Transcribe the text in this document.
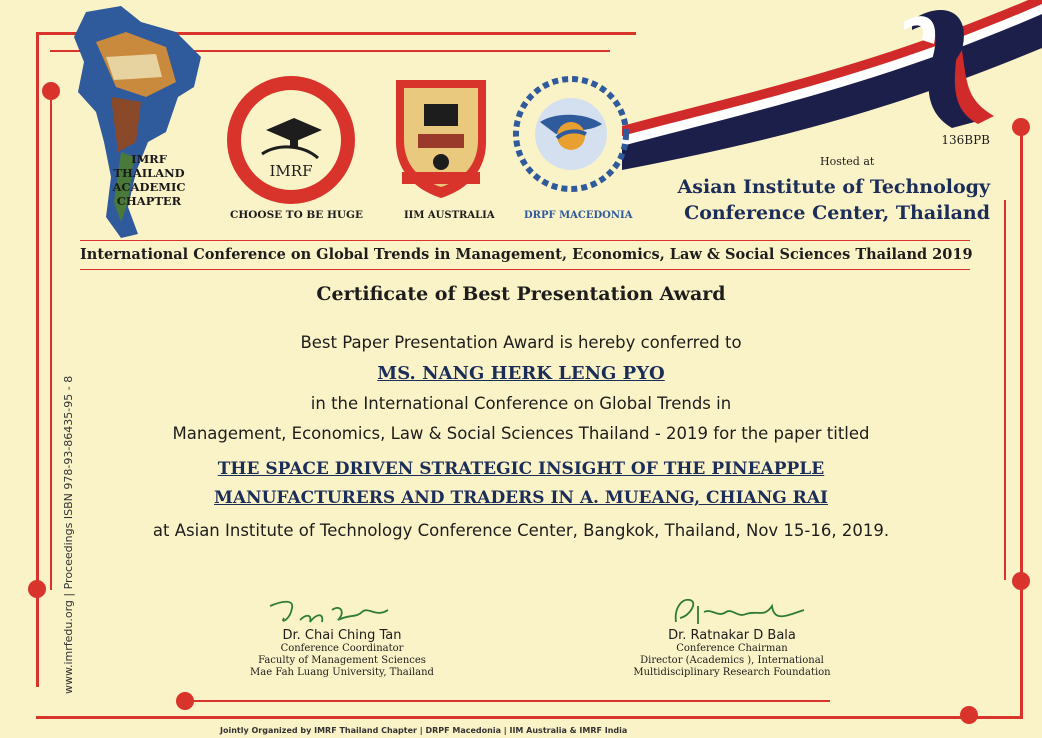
IMRF THAILAND ACADEMIC CHAPTER
IMRF
CHOOSE TO BE HUGE	IIM AUSTRALIA	DRPF MACEDONIA
136BPB
Hosted at
Asian Institute of Technology
Conference Center, Thailand
International Conference on Global Trends in Management, Economics, Law & Social Sciences Thailand 2019
Certificate of Best Presentation Award
Best Paper Presentation Award is hereby conferred to
MS. NANG HERK LENG PYO
in the International Conference on Global Trends in
Management, Economics, Law & Social Sciences Thailand - 2019 for the paper titled
THE SPACE DRIVEN STRATEGIC INSIGHT OF THE PINEAPPLE
MANUFACTURERS AND TRADERS IN A. MUEANG, CHIANG RAI
at Asian Institute of Technology Conference Center, Bangkok, Thailand, Nov 15-16, 2019.
www.imrfedu.org | Proceedings ISBN 978-93-86435-95 - 8	Dr. Chai Ching Tan
Conference Coordinator
Faculty of Management Sciences
Mae Fah Luang University, Thailand
Dr. Ratnakar D Bala
Conference Chairman
Director (Academics ), International
Multidisciplinary Research Foundation
Jointly Organized by IMRF Thailand Chapter | DRPF Macedonia | IIM Australia & IMRF India
